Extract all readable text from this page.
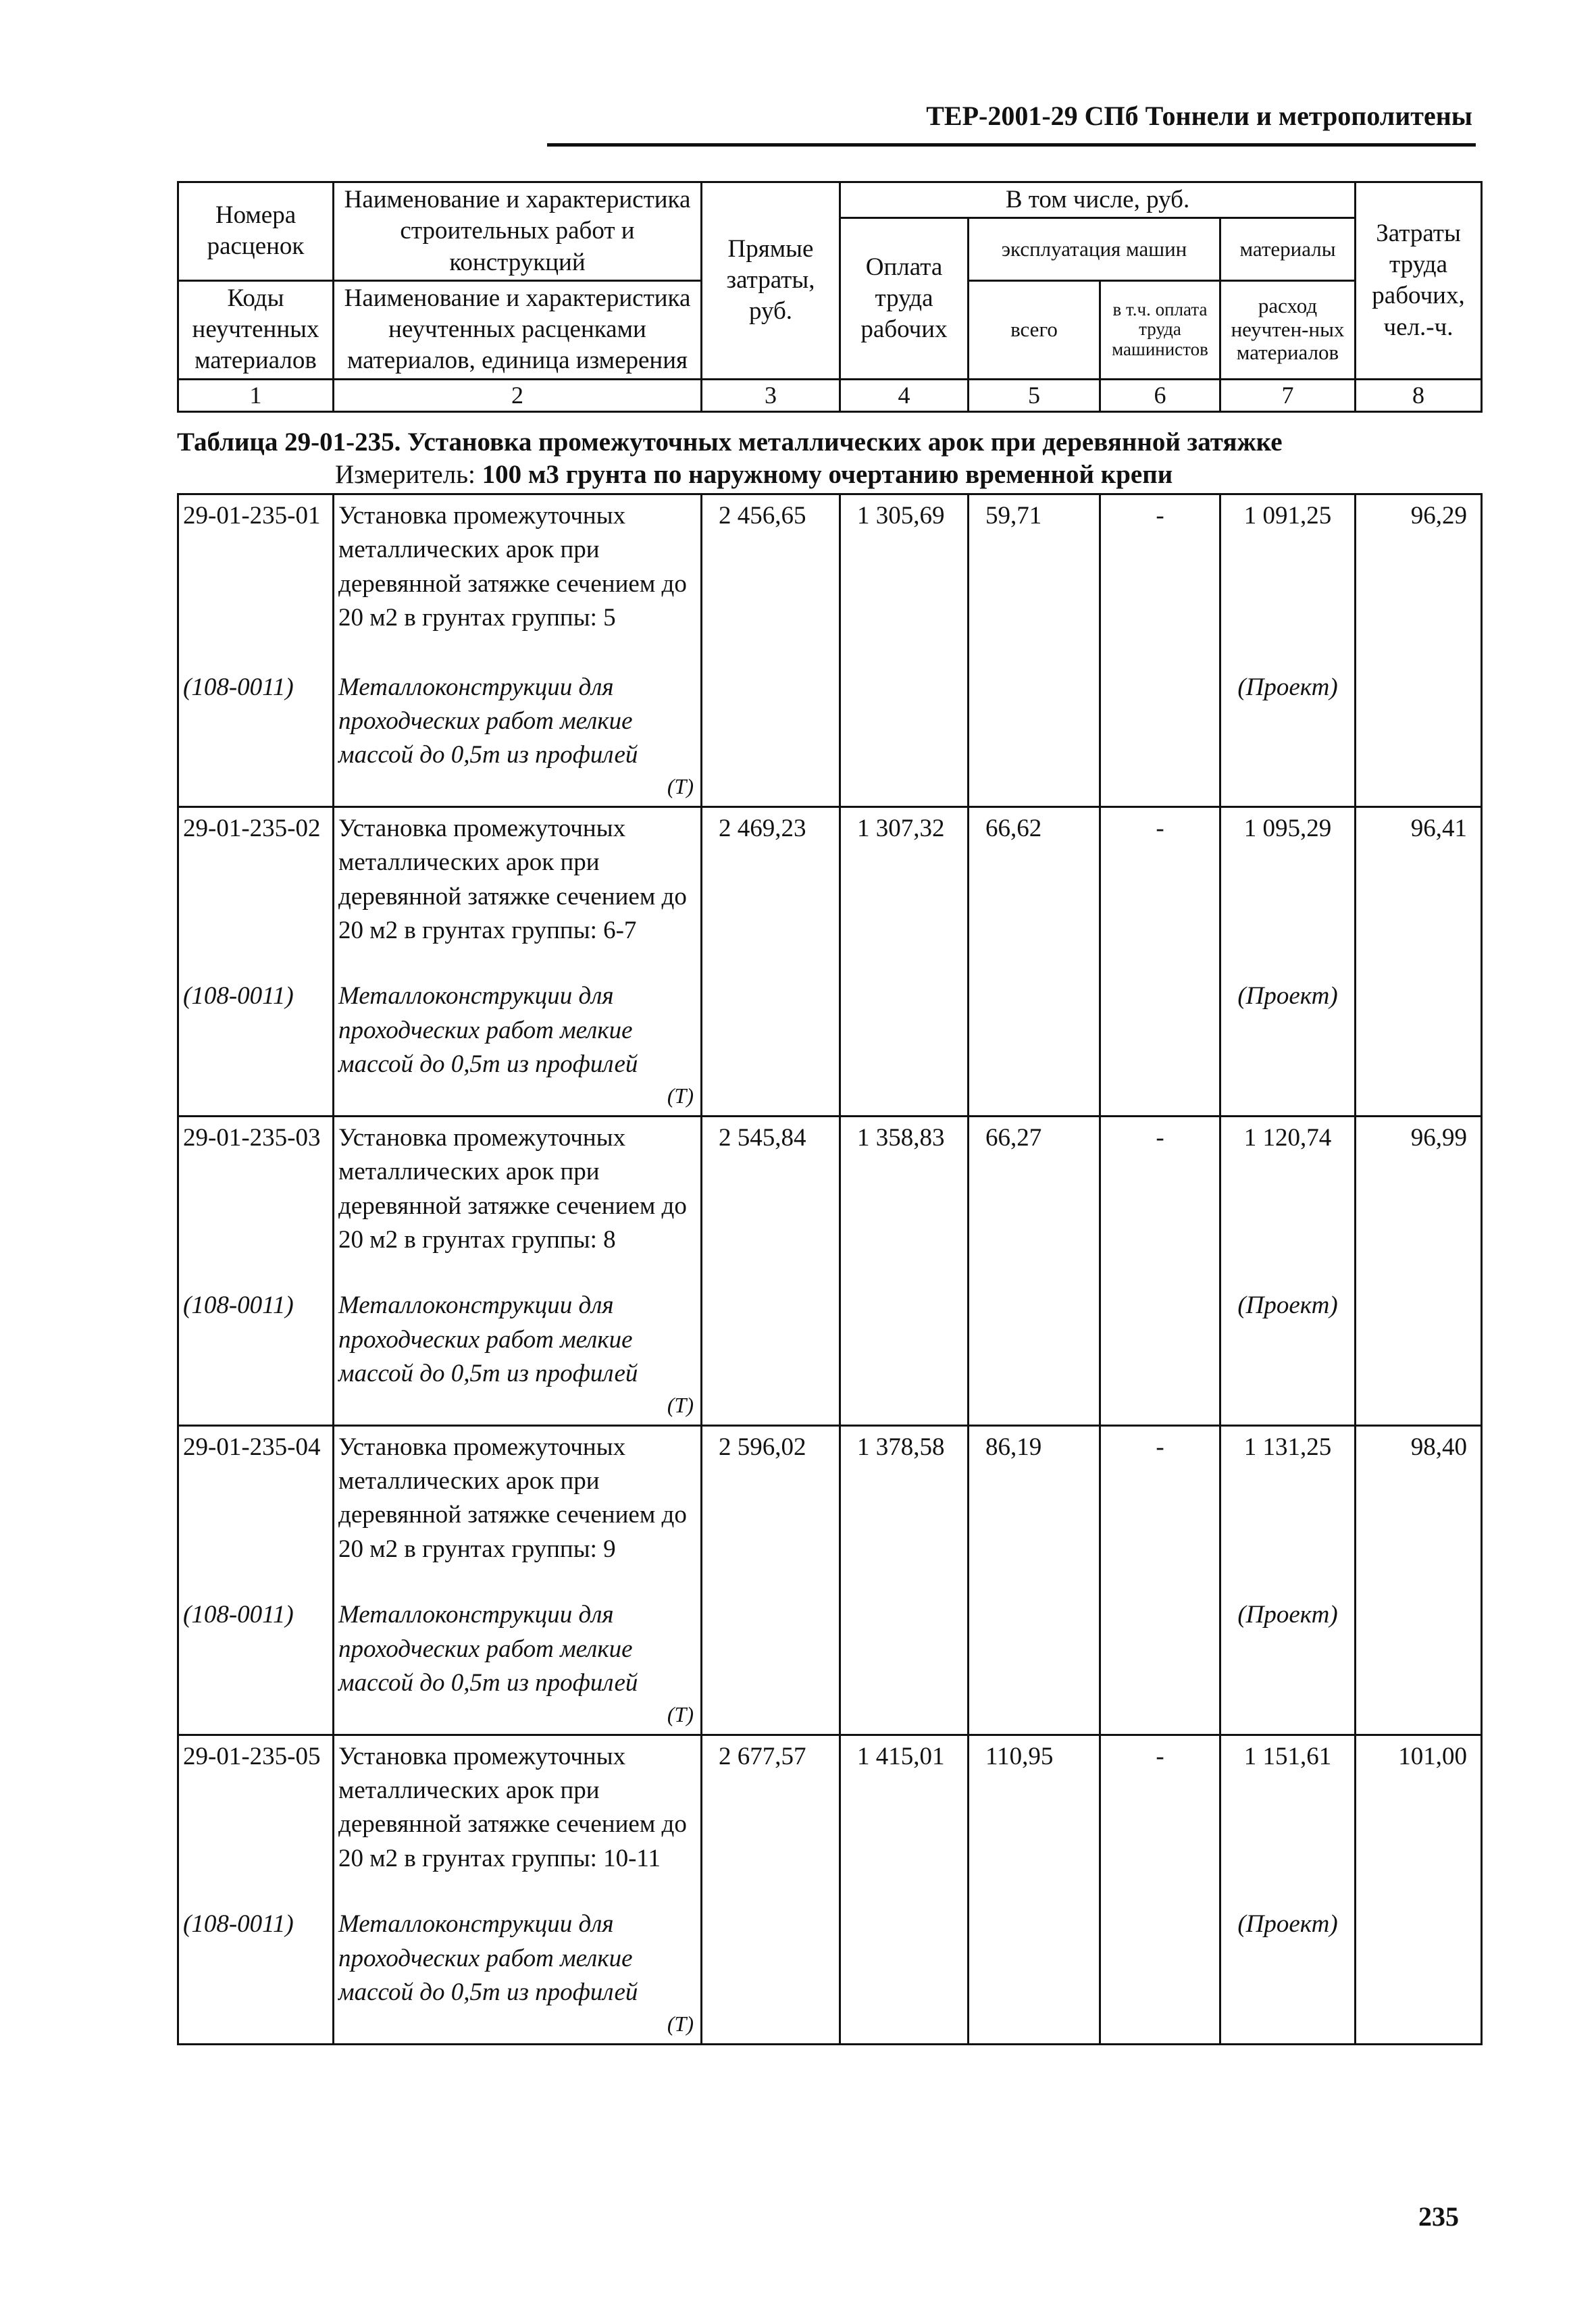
ТЕР-2001-29 СПб Тоннели и метрополитены
Номера расценок	Наименование и характеристика строительных работ и конструкций	Прямые затраты, руб.	В том числе, руб.				Затраты труда рабочих, чел.-ч.
			Оплата труда рабочих	эксплуатация машин		материалы	
Коды неучтенных материалов	Наименование и характеристика неучтенных расценками материалов, единица измерения			всего	в т.ч. оплата труда машинистов	расход неучтен-ных материалов	

1	2	3	4	5	6	7	8
Таблица 29-01-235. Установка промежуточных металлических арок при деревянной затяжке
Измеритель: 100 м3 грунта по наружному очертанию временной крепи
29-01-235-01	Установка промежуточных металлических арок при деревянной затяжке сечением до 20 м2 в грунтах группы: 5	2 456,65	1 305,69	59,71	-	1 091,25	96,29
(108-0011)	Металлоконструкции для проходческих работ мелкие массой до 0,5т из профилей
(Т)					(Проект)	
29-01-235-02	Установка промежуточных металлических арок при деревянной затяжке сечением до 20 м2 в грунтах группы: 6-7	2 469,23	1 307,32	66,62	-	1 095,29	96,41
(108-0011)	Металлоконструкции для проходческих работ мелкие массой до 0,5т из профилей
(Т)					(Проект)	
29-01-235-03	Установка промежуточных металлических арок при деревянной затяжке сечением до 20 м2 в грунтах группы: 8	2 545,84	1 358,83	66,27	-	1 120,74	96,99
(108-0011)	Металлоконструкции для проходческих работ мелкие массой до 0,5т из профилей
(Т)					(Проект)	
29-01-235-04	Установка промежуточных металлических арок при деревянной затяжке сечением до 20 м2 в грунтах группы: 9	2 596,02	1 378,58	86,19	-	1 131,25	98,40
(108-0011)	Металлоконструкции для проходческих работ мелкие массой до 0,5т из профилей
(Т)					(Проект)	
29-01-235-05	Установка промежуточных металлических арок при деревянной затяжке сечением до 20 м2 в грунтах группы: 10-11	2 677,57	1 415,01	110,95	-	1 151,61	101,00
(108-0011)	Металлоконструкции для проходческих работ мелкие массой до 0,5т из профилей
(Т)					(Проект)	
235
